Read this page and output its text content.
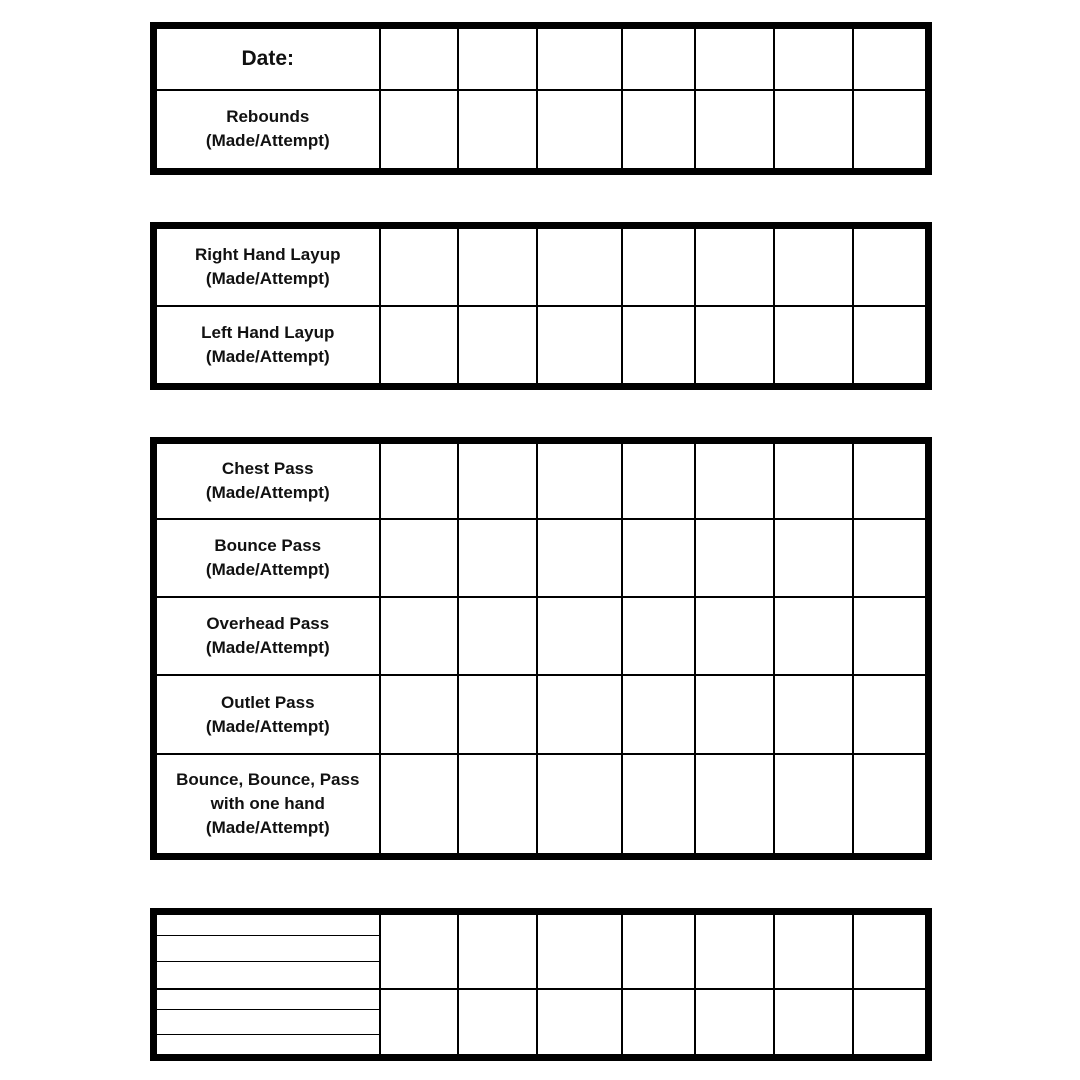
Date:							
Rebounds
(Made/Attempt)							
Right Hand Layup
(Made/Attempt)							
Left Hand Layup
(Made/Attempt)							
Chest Pass
(Made/Attempt)							
Bounce Pass
(Made/Attempt)							
Overhead Pass
(Made/Attempt)							
Outlet Pass
(Made/Attempt)							
Bounce, Bounce, Pass
with one hand
(Made/Attempt)							
